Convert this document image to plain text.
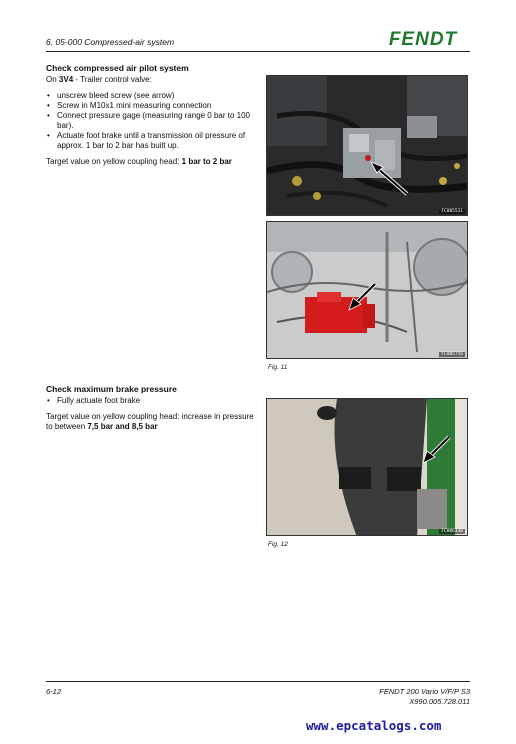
6. 05-000 Compressed-air system	FENDT
Check compressed air pilot system

On 3V4 - Trailer control valve:

• unscrew bleed screw (see arrow)
• Screw in M10x1 mini measuring connection
• Connect pressure gage (measuring range 0 bar to 100 bar).
• Actuate foot brake until a transmission oil pressure of approx. 1 bar to 2 bar has built up.

Target value on yellow coupling head: 1 bar to 2 bar

Check maximum brake pressure
• Fully actuate foot brake

Target value on yellow coupling head: increase in pressure to between 7,5 bar and 8,5 bar

FC005511
FC005756
Fig. 11
FC006138
Fig. 12
6-12	FENDT 200 Vario V/F/P S3
X990.005.728.011
www.epcatalogs.com
